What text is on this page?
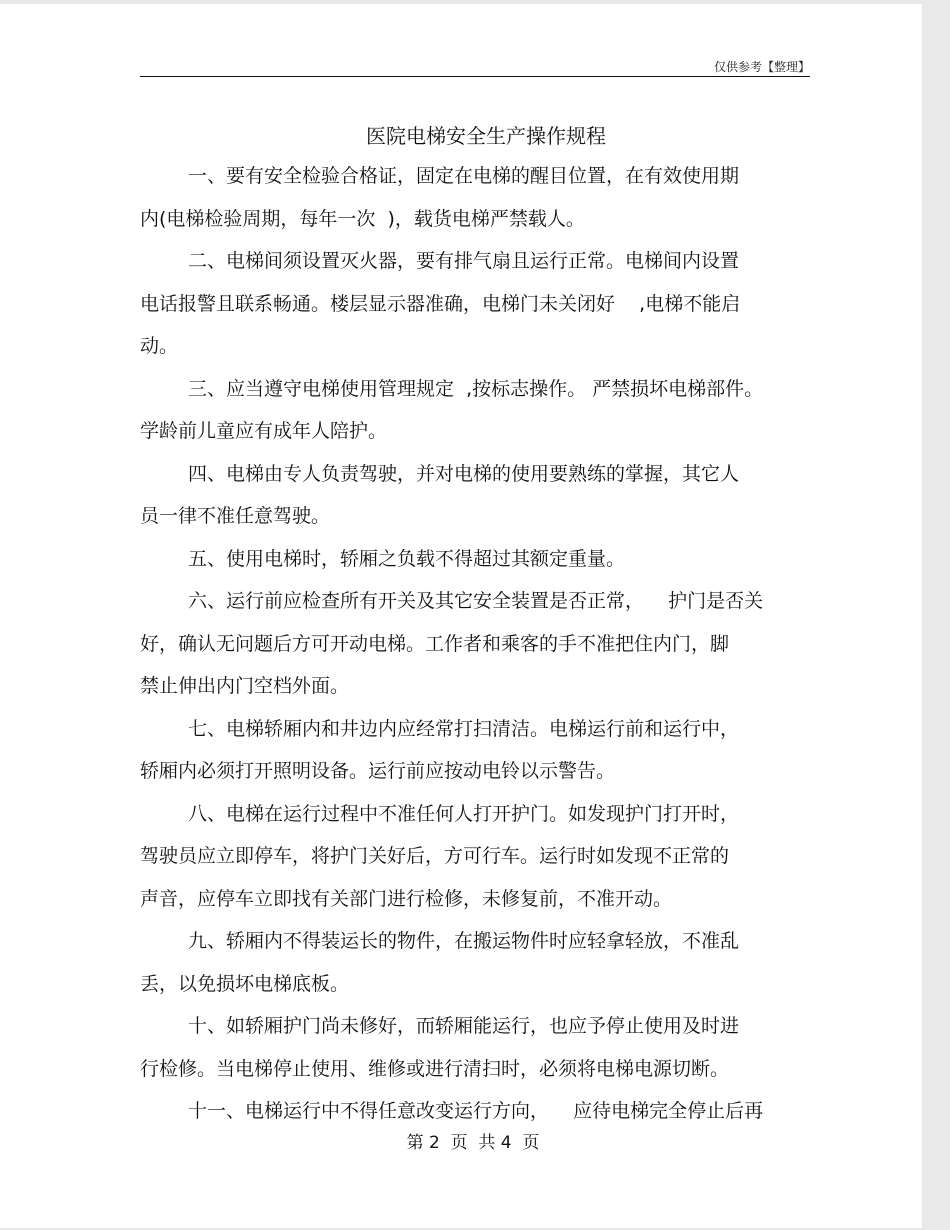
仅供参考【整理】
医院电梯安全生产操作规程
一、要有安全检验合格证，固定在电梯的醒目位置，在有效使用期
内(电梯检验周期，每年一次  )，载货电梯严禁载人。
二、电梯间须设置灭火器，要有排气扇且运行正常。电梯间内设置
电话报警且联系畅通。楼层显示器准确，电梯门未关闭好    ,电梯不能启
动。
三、应当遵守电梯使用管理规定  ,按标志操作。 严禁损坏电梯部件。
学龄前儿童应有成年人陪护。
四、电梯由专人负责驾驶，并对电梯的使用要熟练的掌握，其它人
员一律不准任意驾驶。
五、使用电梯时，轿厢之负载不得超过其额定重量。
六、运行前应检查所有开关及其它安全装置是否正常，    护门是否关
好，确认无问题后方可开动电梯。工作者和乘客的手不准把住内门，脚
禁止伸出内门空档外面。
七、电梯轿厢内和井边内应经常打扫清洁。电梯运行前和运行中，
轿厢内必须打开照明设备。运行前应按动电铃以示警告。
八、电梯在运行过程中不准任何人打开护门。如发现护门打开时，
驾驶员应立即停车，将护门关好后，方可行车。运行时如发现不正常的
声音，应停车立即找有关部门进行检修，未修复前，不准开动。
九、轿厢内不得装运长的物件，在搬运物件时应轻拿轻放，不准乱
丢，以免损坏电梯底板。
十、如轿厢护门尚未修好，而轿厢能运行，也应予停止使用及时进
行检修。当电梯停止使用、维修或进行清扫时，必须将电梯电源切断。
十一、电梯运行中不得任意改变运行方向，    应待电梯完全停止后再
第 2  页  共 4  页
